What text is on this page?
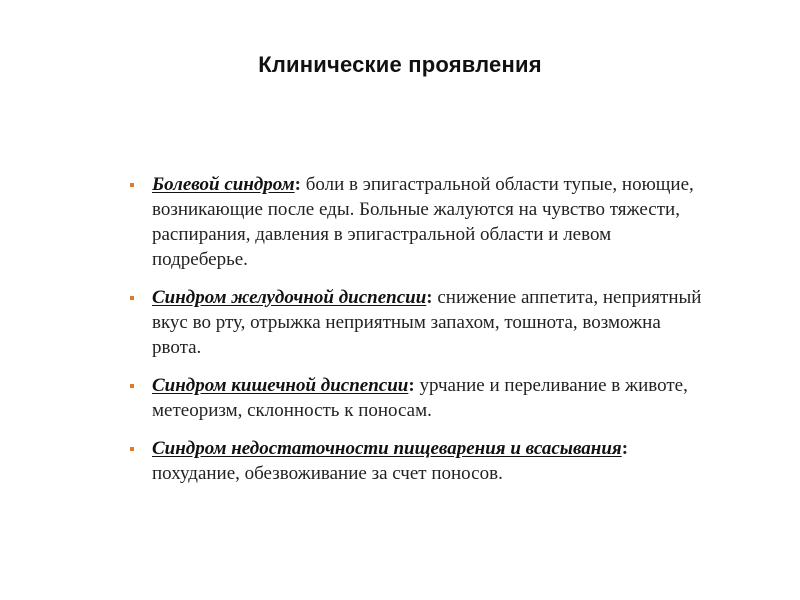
Клинические проявления
Болевой синдром: боли в эпигастральной области тупые, ноющие, возникающие после еды. Больные жалуются на чувство тяжести, распирания, давления в эпигастральной области и левом подреберье.
Синдром желудочной диспепсии: снижение аппетита, неприятный вкус во рту, отрыжка неприятным запахом, тошнота, возможна рвота.
Синдром кишечной диспепсии: урчание и переливание в животе, метеоризм, склонность к поносам.
Синдром недостаточности пищеварения и всасывания: похудание, обезвоживание за счет поносов.
